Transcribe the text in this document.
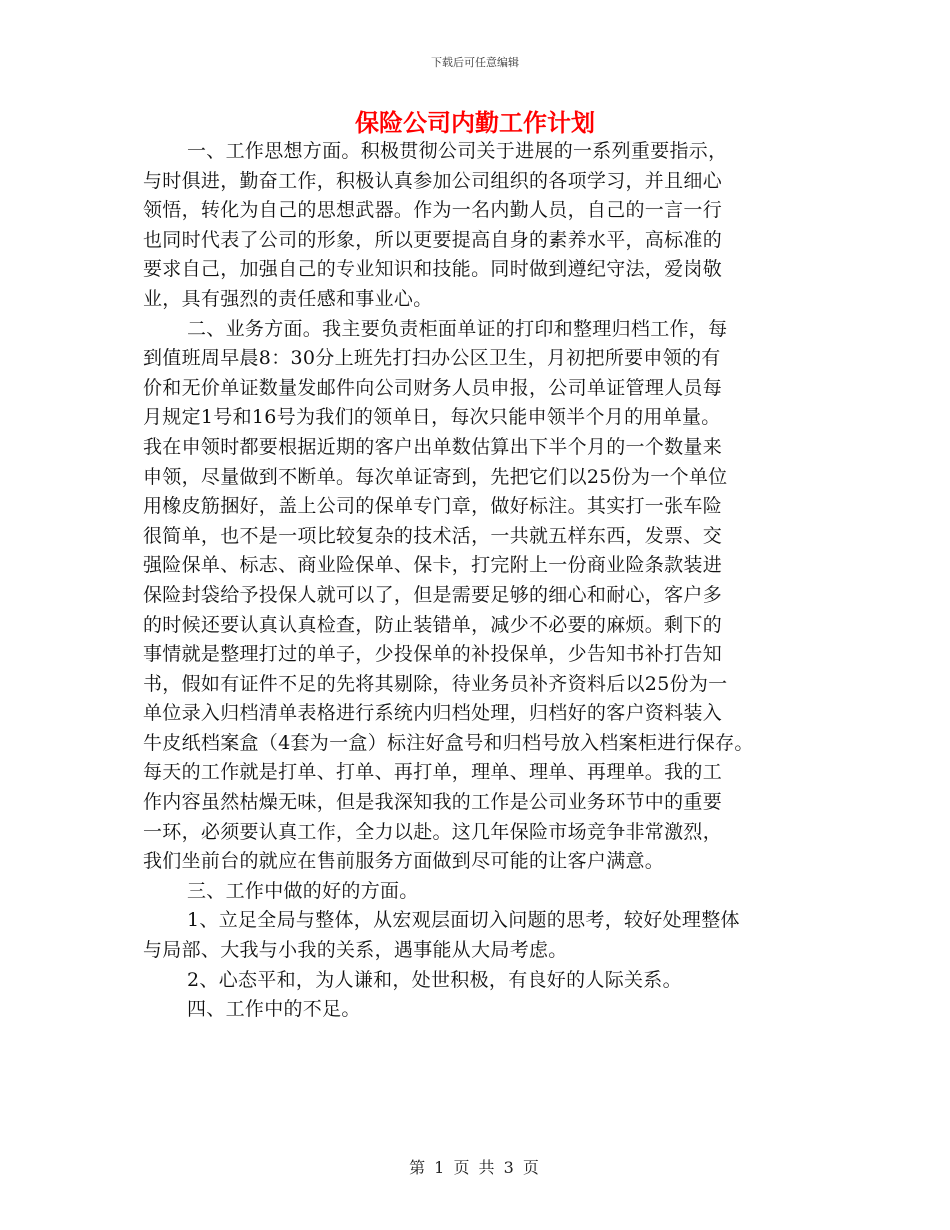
下载后可任意编辑
保险公司内勤工作计划
一、工作思想方面。积极贯彻公司关于进展的一系列重要指示，
与时俱进，勤奋工作，积极认真参加公司组织的各项学习，并且细心
领悟，转化为自己的思想武器。作为一名内勤人员，自己的一言一行
也同时代表了公司的形象，所以更要提高自身的素养水平，高标准的
要求自己，加强自己的专业知识和技能。同时做到遵纪守法，爱岗敬
业，具有强烈的责任感和事业心。
二、业务方面。我主要负责柜面单证的打印和整理归档工作，每
到值班周早晨8：30分上班先打扫办公区卫生，月初把所要申领的有
价和无价单证数量发邮件向公司财务人员申报，公司单证管理人员每
月规定1号和16号为我们的领单日，每次只能申领半个月的用单量。
我在申领时都要根据近期的客户出单数估算出下半个月的一个数量来
申领，尽量做到不断单。每次单证寄到，先把它们以25份为一个单位
用橡皮筋捆好，盖上公司的保单专门章，做好标注。其实打一张车险
很简单，也不是一项比较复杂的技术活，一共就五样东西，发票、交
强险保单、标志、商业险保单、保卡，打完附上一份商业险条款装进
保险封袋给予投保人就可以了，但是需要足够的细心和耐心，客户多
的时候还要认真认真检查，防止装错单，减少不必要的麻烦。剩下的
事情就是整理打过的单子，少投保单的补投保单，少告知书补打告知
书，假如有证件不足的先将其剔除，待业务员补齐资料后以25份为一
单位录入归档清单表格进行系统内归档处理，归档好的客户资料装入
牛皮纸档案盒（4套为一盒）标注好盒号和归档号放入档案柜进行保存。
每天的工作就是打单、打单、再打单，理单、理单、再理单。我的工
作内容虽然枯燥无味，但是我深知我的工作是公司业务环节中的重要
一环，必须要认真工作，全力以赴。这几年保险市场竞争非常激烈，
我们坐前台的就应在售前服务方面做到尽可能的让客户满意。
三、工作中做的好的方面。
1、立足全局与整体，从宏观层面切入问题的思考，较好处理整体
与局部、大我与小我的关系，遇事能从大局考虑。
2、心态平和，为人谦和，处世积极，有良好的人际关系。
四、工作中的不足。
第 1 页 共 3 页
